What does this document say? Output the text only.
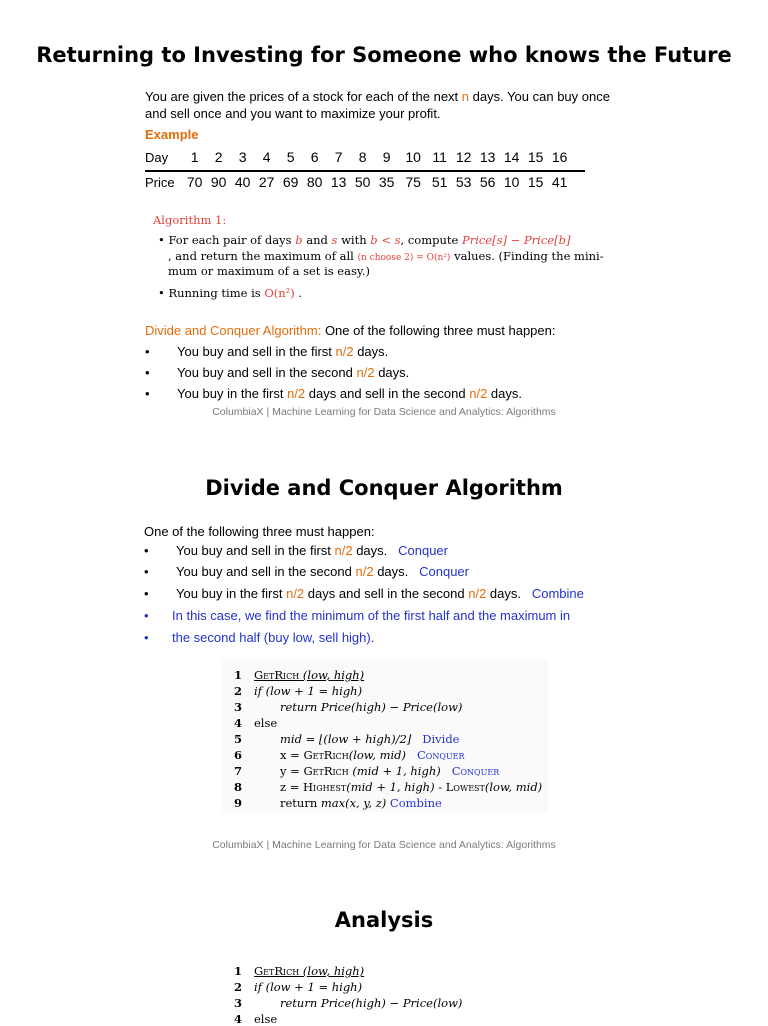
Returning to Investing for Someone who knows the Future
You are given the prices of a stock for each of the next n days. You can buy once
and sell once and you want to maximize your profit.
Example
Day 1 2 3 4 5 6 7 8 9 10 11 12 13 14 15 16
Price 70 90 40 27 69 80 13 50 35 75 51 53 56 10 15 41
Algorithm 1:
• For each pair of days b and s with b < s, compute Price[s] − Price[b]
, and return the maximum of all (n choose 2) = O(n²) values. (Finding the mini-
mum or maximum of a set is easy.)
• Running time is O(n²) .
Divide and Conquer Algorithm: One of the following three must happen:
• You buy and sell in the first n/2 days.
• You buy and sell in the second n/2 days.
• You buy in the first n/2 days and sell in the second n/2 days.
ColumbiaX | Machine Learning for Data Science and Analytics: Algorithms
Divide and Conquer Algorithm
One of the following three must happen:
• You buy and sell in the first n/2 days. Conquer
• You buy and sell in the second n/2 days. Conquer
• You buy in the first n/2 days and sell in the second n/2 days. Combine
• In this case, we find the minimum of the first half and the maximum in
• the second half (buy low, sell high).
1 GetRich (low, high)
2 if (low + 1 = high)
3	return Price(high) − Price(low)
4 else
5	mid = ⌊(low + high)/2⌋ Divide
6	x = GetRich(low, mid) Conquer
7	y = GetRich (mid + 1, high) Conquer
8	z = Highest(mid + 1, high) - Lowest(low, mid)
9	return max(x, y, z) Combine
ColumbiaX | Machine Learning for Data Science and Analytics: Algorithms
Analysis
1 GetRich (low, high)
2 if (low + 1 = high)
3	return Price(high) − Price(low)
4 else
